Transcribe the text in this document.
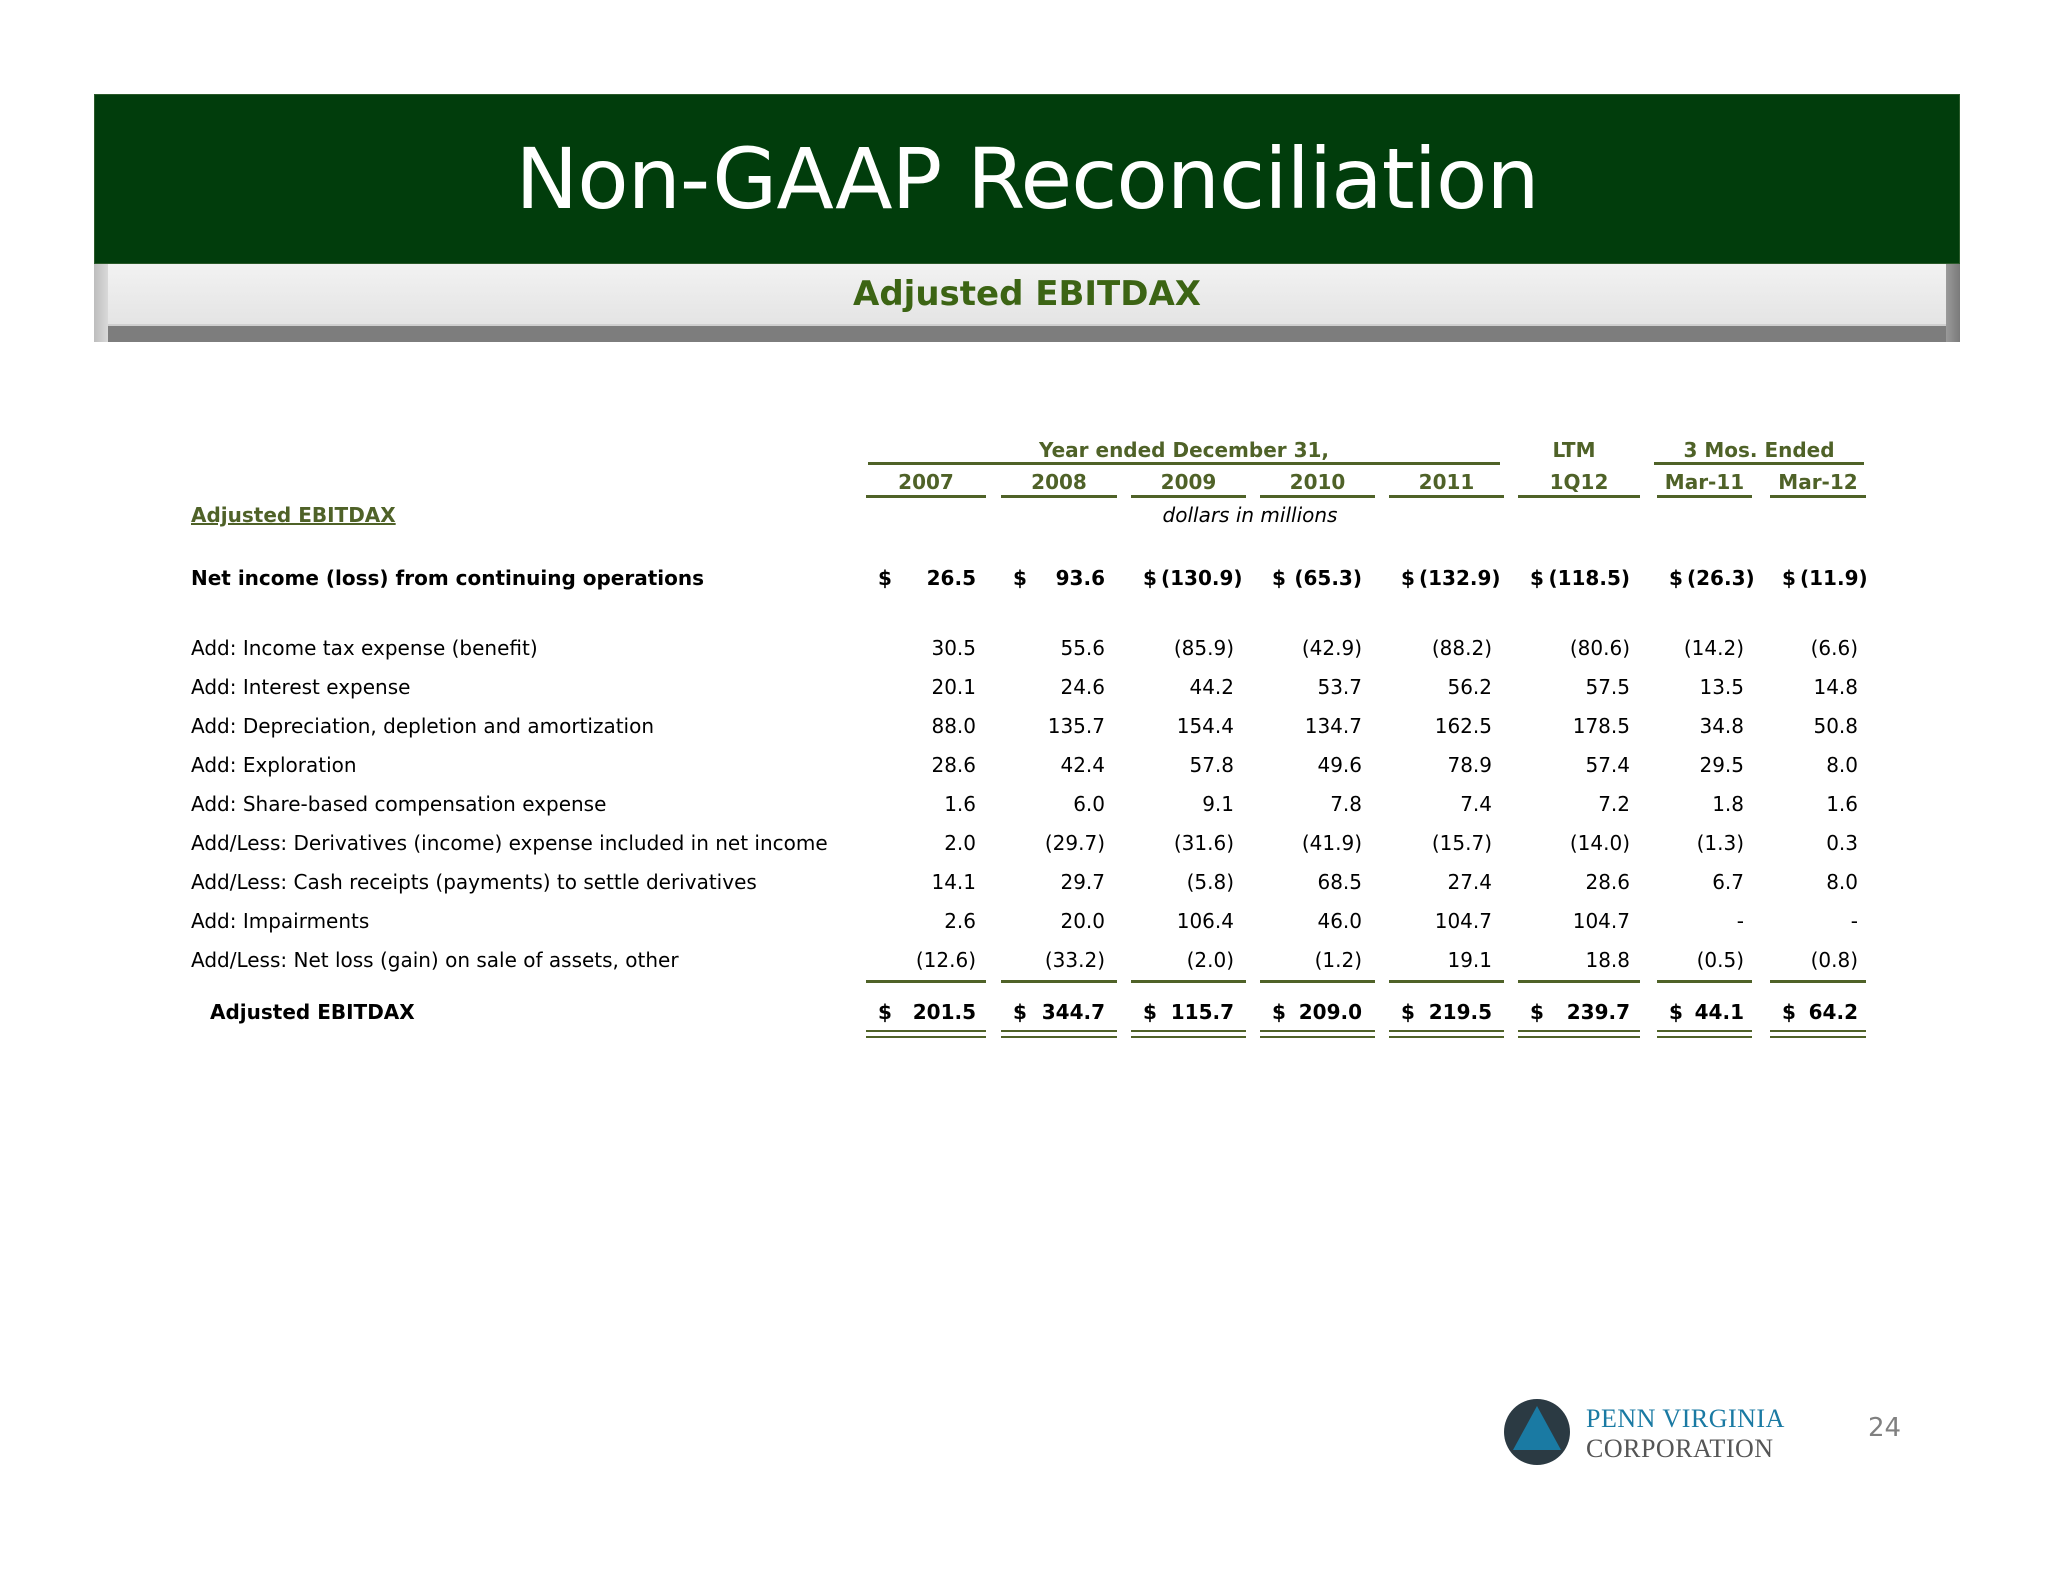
Non-GAAP Reconciliation
Adjusted EBITDAX
Year ended December 31,	LTM	3 Mos. Ended
Adjusted EBITDAX	dollars in millions
2007	2008	2009	2010	2011	1Q12	Mar-11	Mar-12
Net income (loss) from continuing operations	$	26.5 $	93.6 $ (130.9) $ (65.3) $ (132.9) $ (118.5) $ (26.3) $ (11.9)
Add: Income tax expense (benefit)	30.5	55.6	(85.9)	(42.9)	(88.2)	(80.6)	(14.2)	(6.6)
Add: Interest expense	20.1	24.6	44.2	53.7	56.2	57.5	13.5	14.8
Add: Depreciation, depletion and amortization	88.0	135.7	154.4	134.7	162.5	178.5	34.8	50.8
Add: Exploration	28.6	42.4	57.8	49.6	78.9	57.4	29.5	8.0
Add: Share-based compensation expense	1.6	6.0	9.1	7.8	7.4	7.2	1.8	1.6
Add/Less: Derivatives (income) expense included in net income	2.0	(29.7)	(31.6)	(41.9)	(15.7)	(14.0)	(1.3)	0.3
Add/Less: Cash receipts (payments) to settle derivatives	14.1	29.7	(5.8)	68.5	27.4	28.6	6.7	8.0
Add: Impairments	2.6	20.0	106.4	46.0	104.7	104.7	-	-
Add/Less: Net loss (gain) on sale of assets, other	(12.6)	(33.2)	(2.0)	(1.2)	19.1	18.8	(0.5)	(0.8)
Adjusted EBITDAX	$	201.5 $ 344.7 $ 115.7 $ 209.0 $ 219.5 $	239.7 $ 44.1 $ 64.2
PENN VIRGINIA
CORPORATION
24
